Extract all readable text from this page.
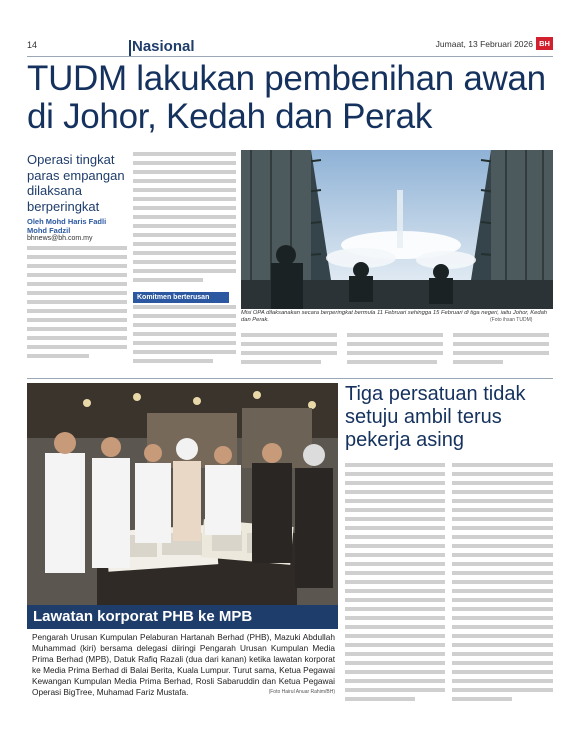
14	Nasional	Jumaat, 13 Februari 2026 BH
TUDM lakukan pembenihan awan di Johor, Kedah dan Perak
Operasi tingkat paras empangan dilaksana berperingkat
Oleh Mohd Haris Fadli Mohd Fadzil
bhnews@bh.com.my
Komitmen berterusan
Misi OPA dilaksanakan secara berperingkat bermula 11 Februari sehingga 15 Februari di tiga negeri, iaitu Johor, Kedah dan Perak.	(Foto ihsan TUDM)
Lawatan korporat PHB ke MPB
Pengarah Urusan Kumpulan Pelaburan Hartanah Berhad (PHB), Mazuki Abdullah Muhammad (kiri) bersama delegasi diiringi Pengarah Urusan Kumpulan Media Prima Berhad (MPB), Datuk Rafiq Razali (dua dari kanan) ketika lawatan korporat ke Media Prima Berhad di Balai Berita, Kuala Lumpur. Turut sama, Ketua Pegawai Kewangan Kumpulan Media Prima Berhad, Rosli Sabaruddin dan Ketua Pegawai Operasi BigTree, Muhamad Fariz Mustafa.	(Foto Hairul Anuar Rahim/BH)
Tiga persatuan tidak setuju ambil terus pekerja asing
